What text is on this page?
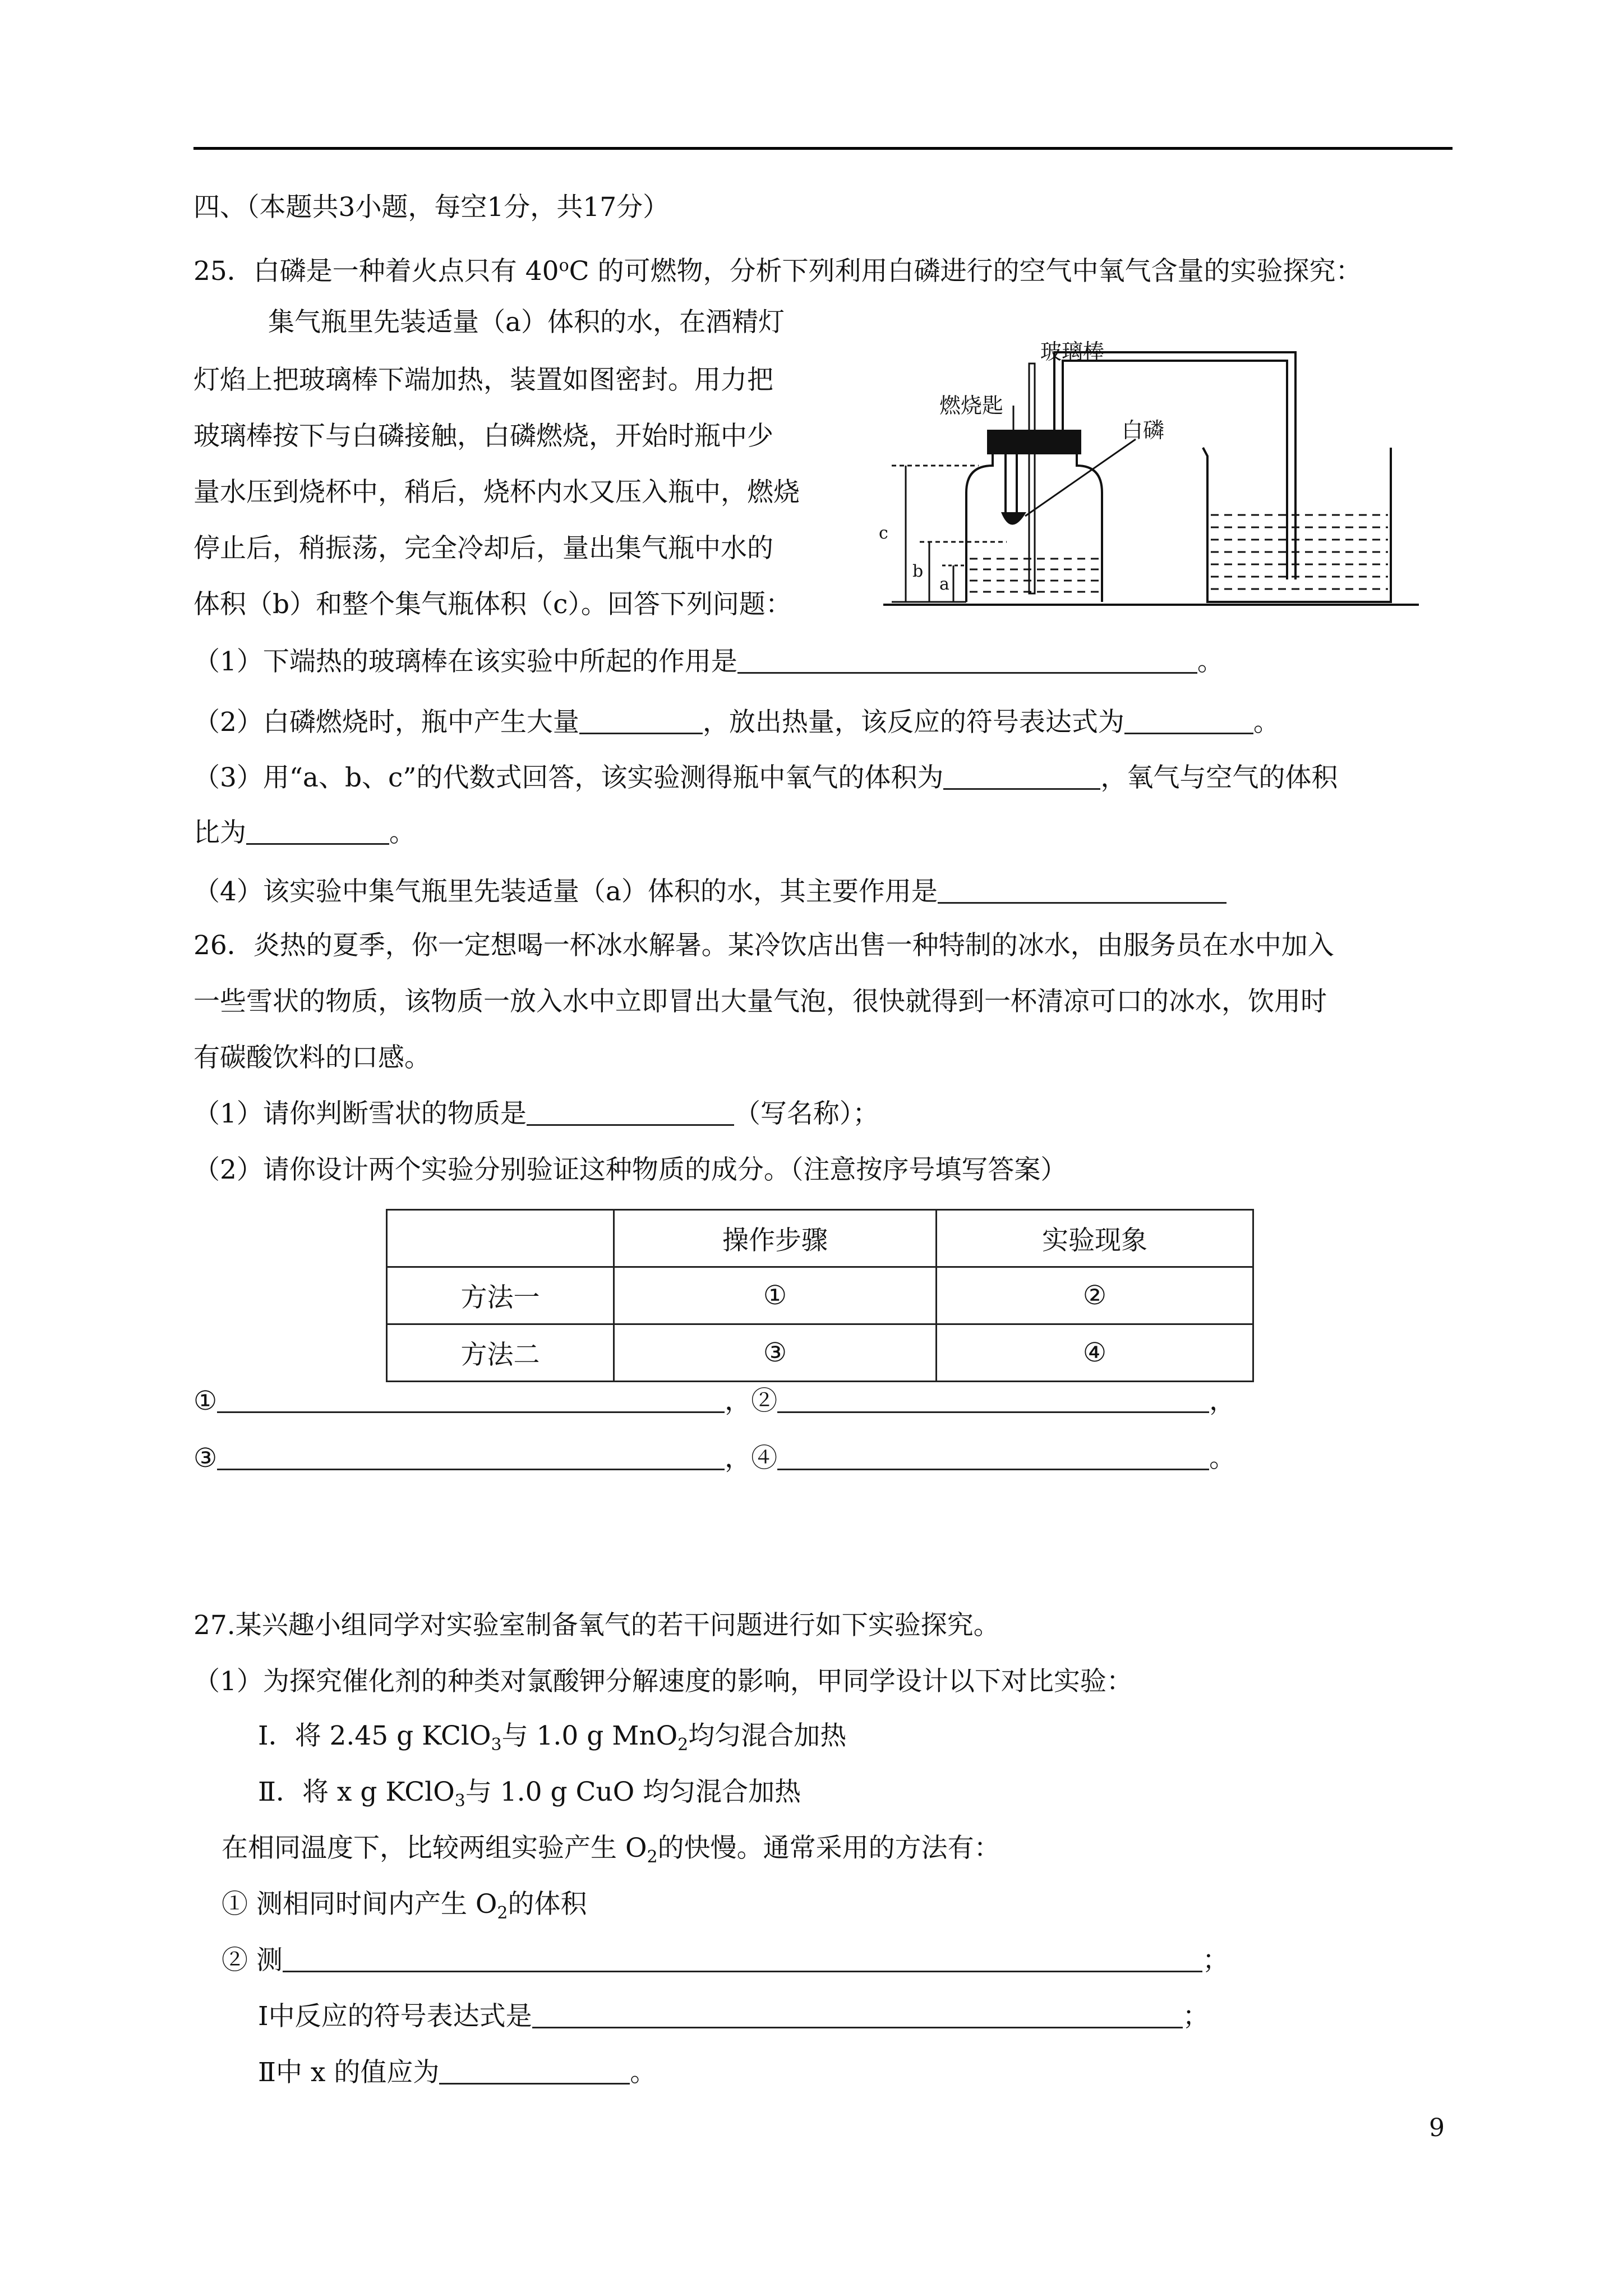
四、（本题共3小题，每空1分，共17分）
25．白磷是一种着火点只有 40$^o$C 的可燃物，分析下列利用白磷进行的空气中氧气含量的实验探究：
集气瓶里先装适量（a）体积的水，在酒精灯
灯焰上把玻璃棒下端加热，装置如图密封。用力把
玻璃棒按下与白磷接触，白磷燃烧，开始时瓶中少
量水压到烧杯中，稍后，烧杯内水又压入瓶中，燃烧
停止后，稍振荡，完全冷却后，量出集气瓶中水的
体积（b）和整个集气瓶体积（c）。回答下列问题：
玻璃棒
燃烧匙
白磷
c
b
a
（1）下端热的玻璃棒在该实验中所起的作用是	。
（2）白磷燃烧时，瓶中产生大量	，放出热量，该反应的符号表达式为	。
（3）用“a、b、c”的代数式回答，该实验测得瓶中氧气的体积为	，氧气与空气的体积
比为	。
（4）该实验中集气瓶里先装适量（a）体积的水，其主要作用是
26．炎热的夏季，你一定想喝一杯冰水解暑。某冷饮店出售一种特制的冰水，由服务员在水中加入
一些雪状的物质，该物质一放入水中立即冒出大量气泡，很快就得到一杯清凉可口的冰水，饮用时
有碳酸饮料的口感。
（1）请你判断雪状的物质是	（写名称）；
（2）请你设计两个实验分别验证这种物质的成分。（注意按序号填写答案）
	操作步骤	实验现象
方法一	①	②
方法二	③	④
①	，②	，
③	，④	。
27.某兴趣小组同学对实验室制备氧气的若干问题进行如下实验探究。
（1）为探究催化剂的种类对氯酸钾分解速度的影响，甲同学设计以下对比实验：
Ⅰ．将 2.45 g KClO$_3$与 1.0 g MnO$_2$均匀混合加热
Ⅱ．将 x g KClO$_3$与 1.0 g CuO 均匀混合加热
在相同温度下，比较两组实验产生 $O_2$的快慢。通常采用的方法有：
① 测相同时间内产生 $O_2$的体积
② 测	；
Ⅰ中反应的符号表达式是	；
Ⅱ中 x 的值应为	。
9
